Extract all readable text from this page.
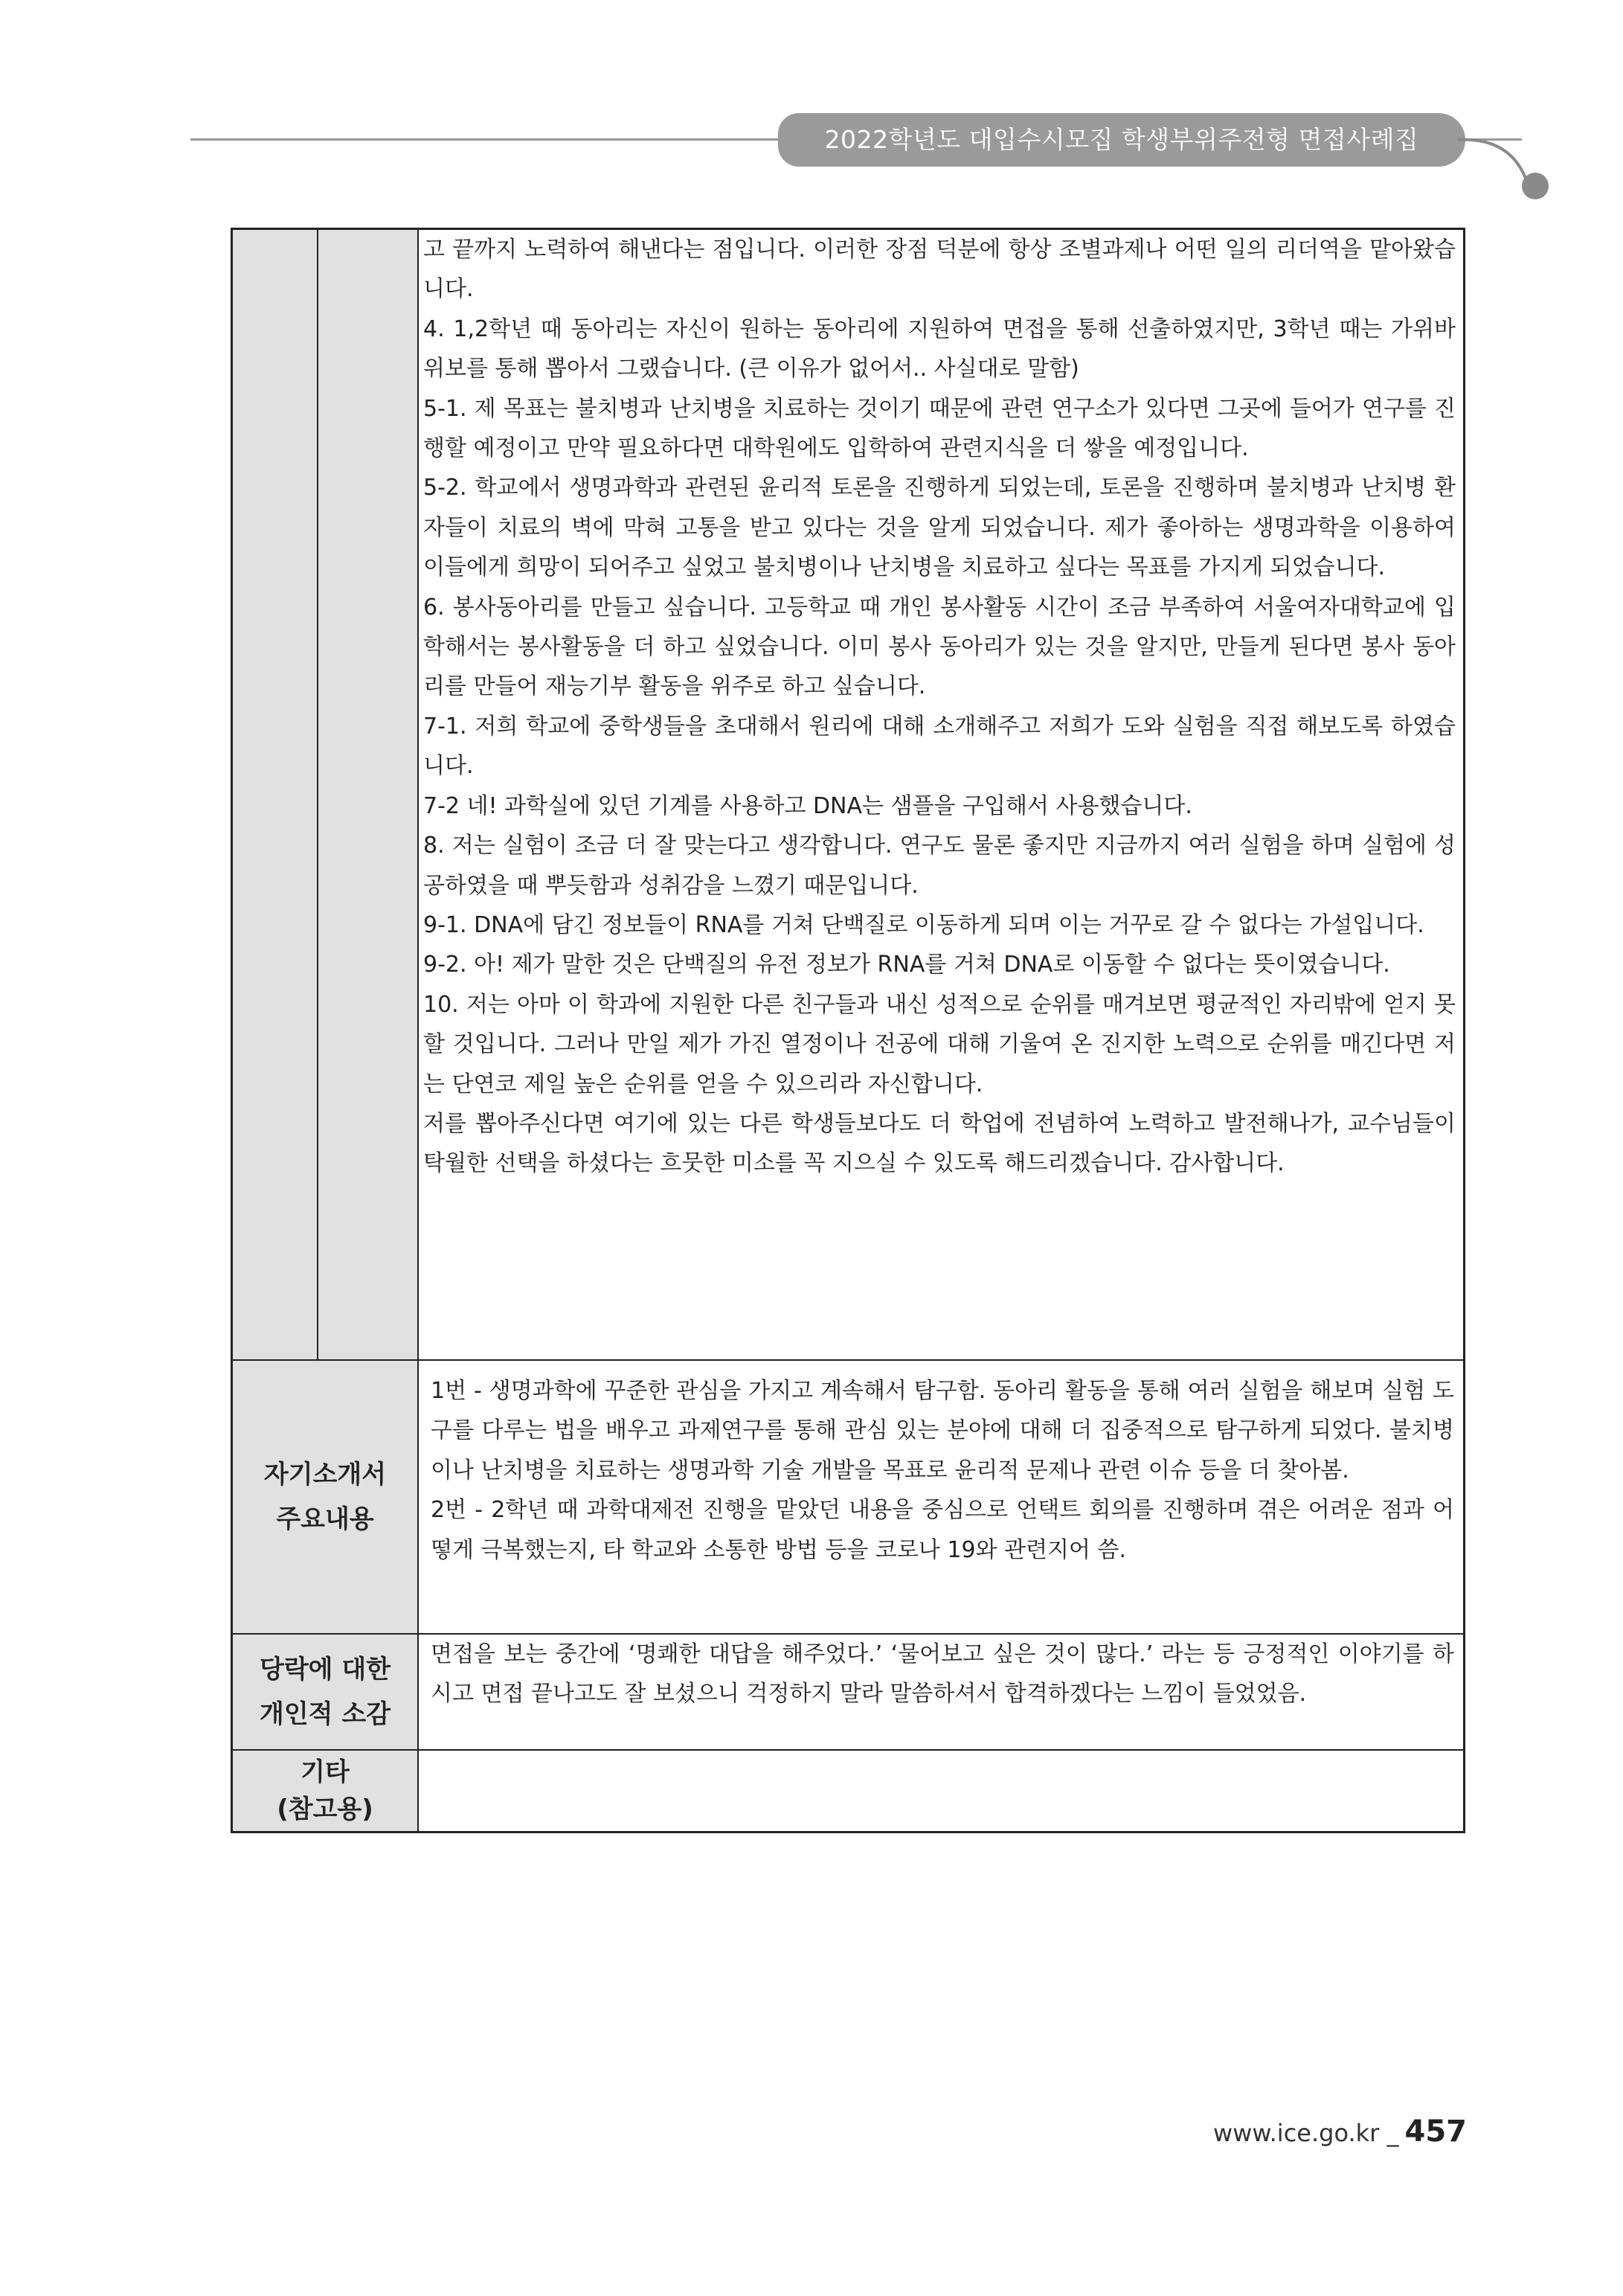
2022학년도 대입수시모집 학생부위주전형 면접사례집

고 끝까지 노력하여 해낸다는 점입니다. 이러한 장점 덕분에 항상 조별과제나 어떤 일의 리더역을 맡아왔습니다.

4. 1,2학년 때 동아리는 자신이 원하는 동아리에 지원하여 면접을 통해 선출하였지만, 3학년 때는 가위바위보를 통해 뽑아서 그랬습니다. (큰 이유가 없어서.. 사실대로 말함)

5-1. 제 목표는 불치병과 난치병을 치료하는 것이기 때문에 관련 연구소가 있다면 그곳에 들어가 연구를 진행할 예정이고 만약 필요하다면 대학원에도 입학하여 관련지식을 더 쌓을 예정입니다.

5-2. 학교에서 생명과학과 관련된 윤리적 토론을 진행하게 되었는데, 토론을 진행하며 불치병과 난치병 환자들이 치료의 벽에 막혀 고통을 받고 있다는 것을 알게 되었습니다. 제가 좋아하는 생명과학을 이용하여 이들에게 희망이 되어주고 싶었고 불치병이나 난치병을 치료하고 싶다는 목표를 가지게 되었습니다.

6. 봉사동아리를 만들고 싶습니다. 고등학교 때 개인 봉사활동 시간이 조금 부족하여 서울여자대학교에 입학해서는 봉사활동을 더 하고 싶었습니다. 이미 봉사 동아리가 있는 것을 알지만, 만들게 된다면 봉사 동아리를 만들어 재능기부 활동을 위주로 하고 싶습니다.

7-1. 저희 학교에 중학생들을 초대해서 원리에 대해 소개해주고 저희가 도와 실험을 직접 해보도록 하였습니다.

7-2 네! 과학실에 있던 기계를 사용하고 DNA는 샘플을 구입해서 사용했습니다.

8. 저는 실험이 조금 더 잘 맞는다고 생각합니다. 연구도 물론 좋지만 지금까지 여러 실험을 하며 실험에 성공하였을 때 뿌듯함과 성취감을 느꼈기 때문입니다.

9-1. DNA에 담긴 정보들이 RNA를 거쳐 단백질로 이동하게 되며 이는 거꾸로 갈 수 없다는 가설입니다.

9-2. 아! 제가 말한 것은 단백질의 유전 정보가 RNA를 거쳐 DNA로 이동할 수 없다는 뜻이였습니다.

10. 저는 아마 이 학과에 지원한 다른 친구들과 내신 성적으로 순위를 매겨보면 평균적인 자리밖에 얻지 못할 것입니다. 그러나 만일 제가 가진 열정이나 전공에 대해 기울여 온 진지한 노력으로 순위를 매긴다면 저는 단연코 제일 높은 순위를 얻을 수 있으리라 자신합니다.

저를 뽑아주신다면 여기에 있는 다른 학생들보다도 더 학업에 전념하여 노력하고 발전해나가, 교수님들이 탁월한 선택을 하셨다는 흐뭇한 미소를 꼭 지으실 수 있도록 해드리겠습니다. 감사합니다.

자기소개서
주요내용

1번 - 생명과학에 꾸준한 관심을 가지고 계속해서 탐구함. 동아리 활동을 통해 여러 실험을 해보며 실험 도구를 다루는 법을 배우고 과제연구를 통해 관심 있는 분야에 대해 더 집중적으로 탐구하게 되었다. 불치병이나 난치병을 치료하는 생명과학 기술 개발을 목표로 윤리적 문제나 관련 이슈 등을 더 찾아봄.

2번 - 2학년 때 과학대제전 진행을 맡았던 내용을 중심으로 언택트 회의를 진행하며 겪은 어려운 점과 어떻게 극복했는지, 타 학교와 소통한 방법 등을 코로나 19와 관련지어 씀.

당락에 대한
개인적 소감

면접을 보는 중간에 ‘명쾌한 대답을 해주었다.’ ‘물어보고 싶은 것이 많다.’ 라는 등 긍정적인 이야기를 하시고 면접 끝나고도 잘 보셨으니 걱정하지 말라 말씀하셔서 합격하겠다는 느낌이 들었었음.

기타
(참고용)
www.ice.go.kr _ 457
